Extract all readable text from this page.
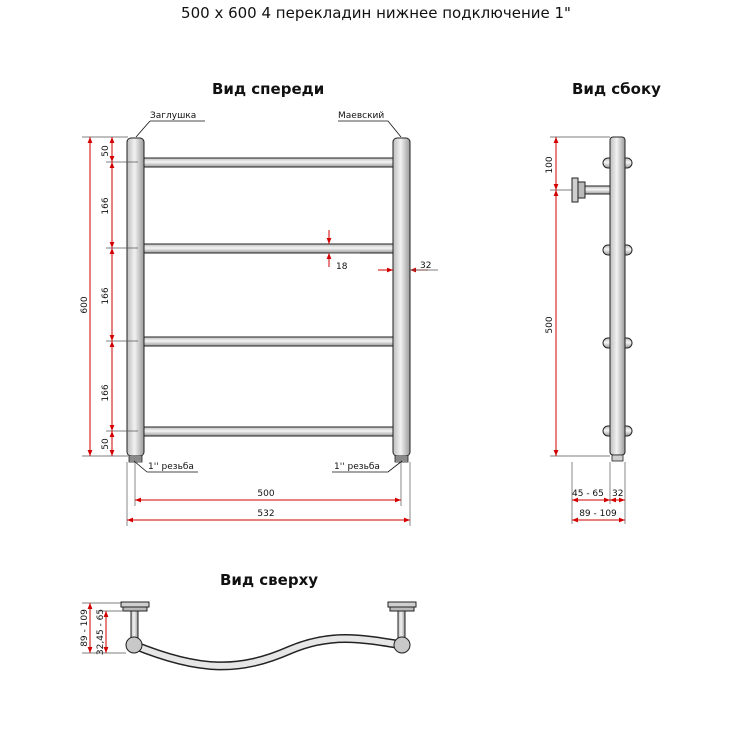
500 x 600 4 перекладин нижнее подключение 1"
Вид спереди	Вид сбоку
Вид сверху
Заглушка	Маевский
1'' резьба	1'' резьба
600
50
166
166
166
50
18	32
500
532
100
500
45 - 65 32
89 - 109
89 - 109 32,45 - 65
